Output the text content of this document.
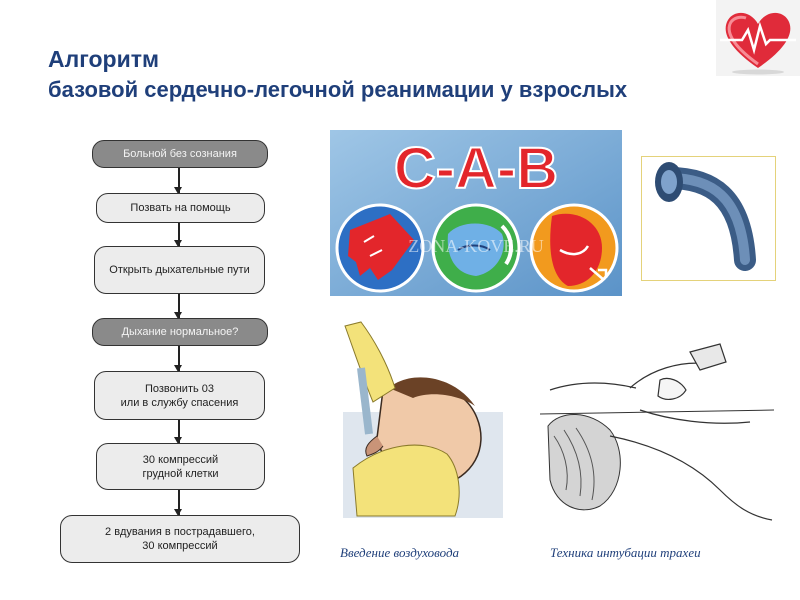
Алгоритм
базовой сердечно-легочной реанимации у взрослых
Больной без сознания
Позвать на помощь
Открыть дыхательные пути
Дыхание нормальное?
Позвонить 03
или в службу спасения
30 компрессий
грудной клетки
2 вдувания в пострадавшего,
30 компрессий
C-A-B
ZONA-KOVE.RU
Введение воздуховода	Техника интубации трахеи
